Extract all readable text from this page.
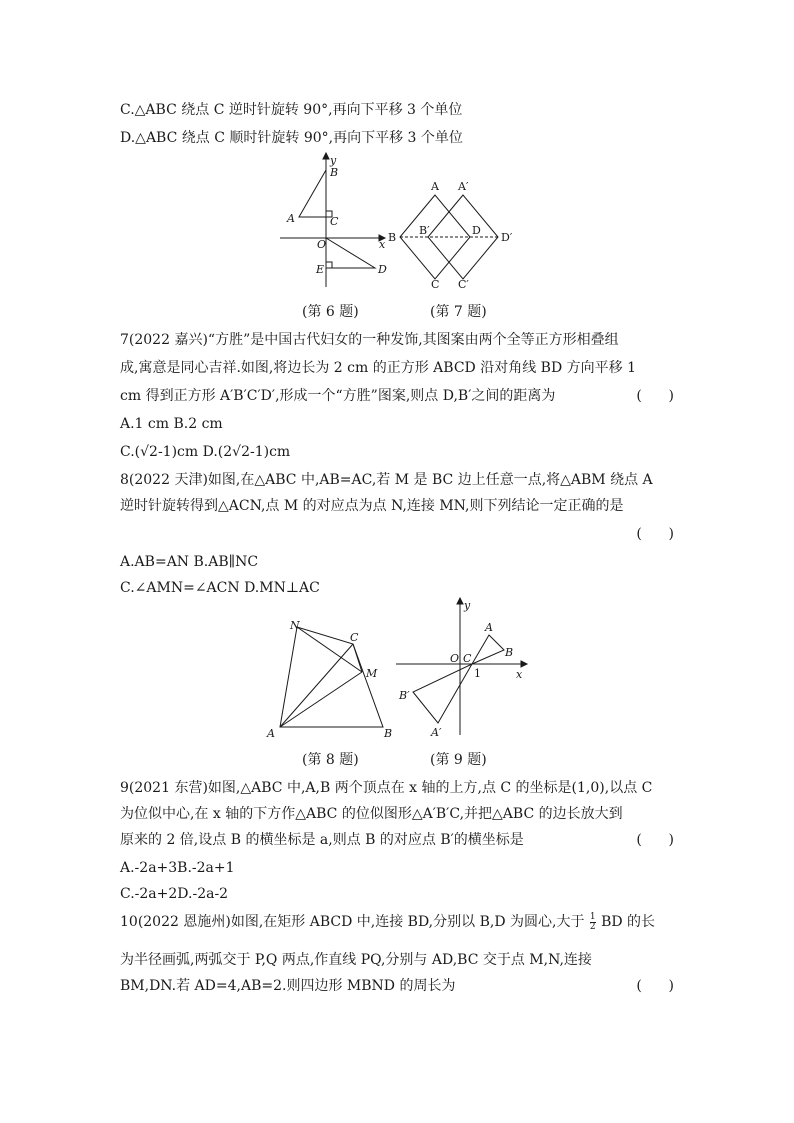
C.△ABC 绕点 C 逆时针旋转 90°,再向下平移 3 个单位
D.△ABC 绕点 C 顺时针旋转 90°,再向下平移 3 个单位
y
B
A	C
O	x
E	D
A A′
B
B′	D
D′
C C′
(第 6 题)	(第 7 题)
7(2022 嘉兴)“方胜”是中国古代妇女的一种发饰,其图案由两个全等正方形相叠组
成,寓意是同心吉祥.如图,将边长为 2 cm 的正方形 ABCD 沿对角线 BD 方向平移 1
cm 得到正方形 A′B′C′D′,形成一个“方胜”图案,则点 D,B′之间的距离为	(      )
A.1 cm B.2 cm
C.(√2-1)cm D.(2√2-1)cm
8(2022 天津)如图,在△ABC 中,AB=AC,若 M 是 BC 边上任意一点,将△ABM 绕点 A
逆时针旋转得到△ACN,点 M 的对应点为点 N,连接 MN,则下列结论一定正确的是
(      )
A.AB=AN B.AB∥NC
C.∠AMN=∠ACN D.MN⊥AC
N
C
M
A	B
y
A
B
O C
1	x
B′
A′
(第 8 题)	(第 9 题)
9(2021 东营)如图,△ABC 中,A,B 两个顶点在 x 轴的上方,点 C 的坐标是(1,0),以点 C
为位似中心,在 x 轴的下方作△ABC 的位似图形△A′B′C,并把△ABC 的边长放大到
原来的 2 倍,设点 B 的横坐标是 a,则点 B 的对应点 B′的横坐标是	(      )
A.-2a+3B.-2a+1
C.-2a+2D.-2a-2
10(2022 恩施州)如图,在矩形 ABCD 中,连接 BD,分别以 B,D 为圆心,大于 $\frac{1}{2}$ BD 的长
为半径画弧,两弧交于 P,Q 两点,作直线 PQ,分别与 AD,BC 交于点 M,N,连接
BM,DN.若 AD=4,AB=2.则四边形 MBND 的周长为	(      )
